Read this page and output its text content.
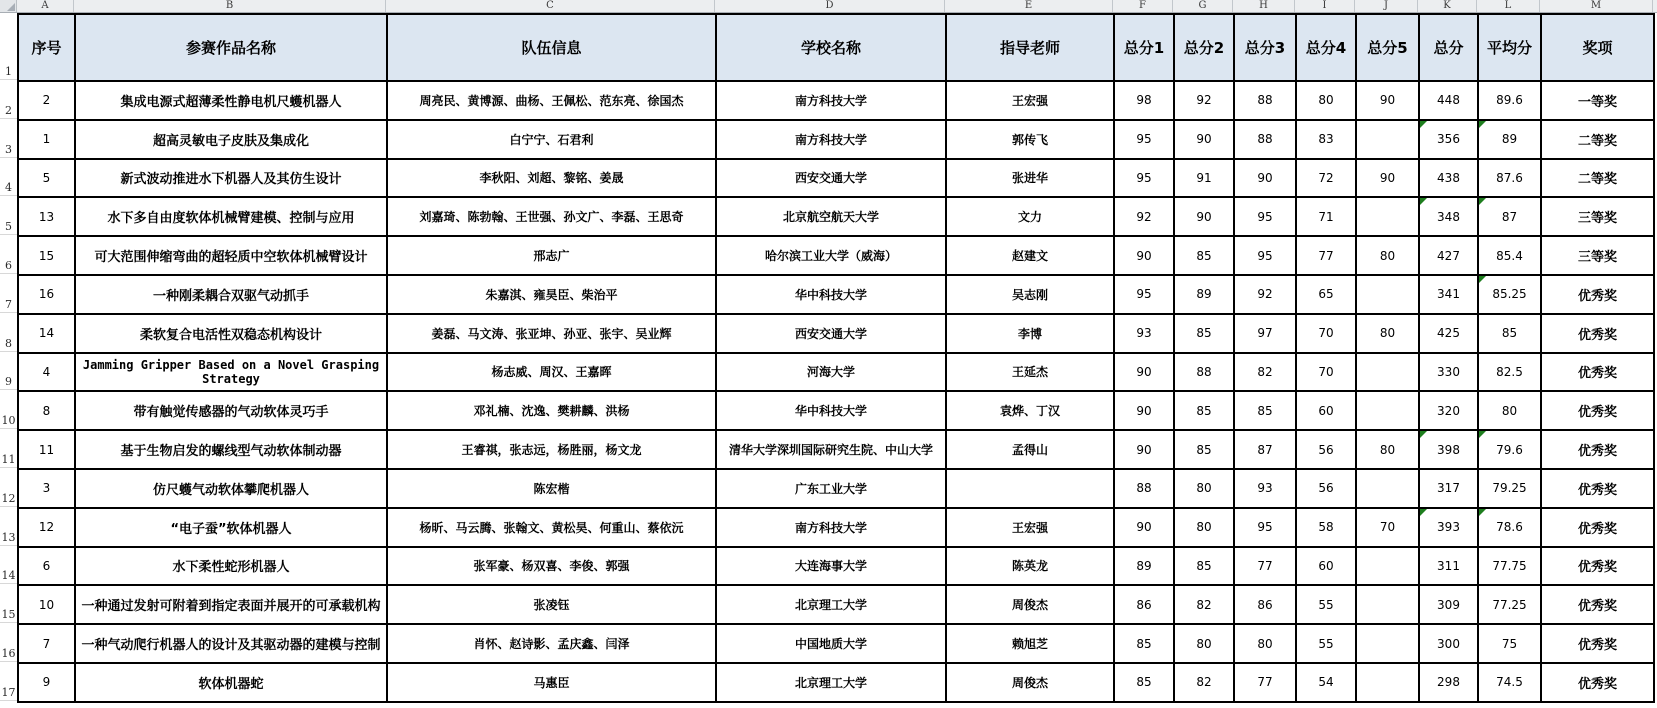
A	B	C	D	E	F	G	H	I	J	K	L	M
1
2
3
4
5
6
7
8
9
10
11
12
13
14
15
16
17
序号	参赛作品名称	队伍信息	学校名称	指导老师	总分1	总分2	总分3	总分4	总分5	总分	平均分	奖项
2	集成电源式超薄柔性静电机尺蠖机器人	周亮民、黄博源、曲杨、王佩松、范东亮、徐国杰	南方科技大学	王宏强	98	92	88	80	90	448	89.6	一等奖
1	超高灵敏电子皮肤及集成化	白宁宁、石君利	南方科技大学	郭传飞	95	90	88	83		356	89	二等奖
5	新式波动推进水下机器人及其仿生设计	李秋阳、刘超、黎铭、姜晟	西安交通大学	张进华	95	91	90	72	90	438	87.6	二等奖
13	水下多自由度软体机械臂建模、控制与应用	刘嘉琦、陈勃翰、王世强、孙文广、李磊、王思奇	北京航空航天大学	文力	92	90	95	71		348	87	三等奖
15	可大范围伸缩弯曲的超轻质中空软体机械臂设计	邢志广	哈尔滨工业大学（威海）	赵建文	90	85	95	77	80	427	85.4	三等奖
16	一种刚柔耦合双驱气动抓手	朱嘉淇、雍昊臣、柴治平	华中科技大学	吴志刚	95	89	92	65		341	85.25	优秀奖
14	柔软复合电活性双稳态机构设计	姜磊、马文涛、张亚坤、孙亚、张宇、吴业辉	西安交通大学	李博	93	85	97	70	80	425	85	优秀奖
4	Jamming Gripper Based on a Novel Grasping Strategy	杨志威、周汉、王嘉晖	河海大学	王延杰	90	88	82	70		330	82.5	优秀奖
8	带有触觉传感器的气动软体灵巧手	邓礼楠、沈逸、樊耕麟、洪杨	华中科技大学	袁烨、丁汉	90	85	85	60		320	80	优秀奖
11	基于生物启发的螺线型气动软体制动器	王睿祺，张志远，杨胜丽，杨文龙	清华大学深圳国际研究生院、中山大学	孟得山	90	85	87	56	80	398	79.6	优秀奖
3	仿尺蠖气动软体攀爬机器人	陈宏楷	广东工业大学		88	80	93	56		317	79.25	优秀奖
12	“电子蚕”软体机器人	杨昕、马云腾、张翰文、黄松昊、何重山、蔡依沅	南方科技大学	王宏强	90	80	95	58	70	393	78.6	优秀奖
6	水下柔性蛇形机器人	张军豪、杨双喜、李俊、郭强	大连海事大学	陈英龙	89	85	77	60		311	77.75	优秀奖
10	一种通过发射可附着到指定表面并展开的可承载机构	张凌钰	北京理工大学	周俊杰	86	82	86	55		309	77.25	优秀奖
7	一种气动爬行机器人的设计及其驱动器的建模与控制	肖怀、赵诗影、孟庆鑫、闫泽	中国地质大学	赖旭芝	85	80	80	55		300	75	优秀奖
9	软体机器蛇	马惠臣	北京理工大学	周俊杰	85	82	77	54		298	74.5	优秀奖
